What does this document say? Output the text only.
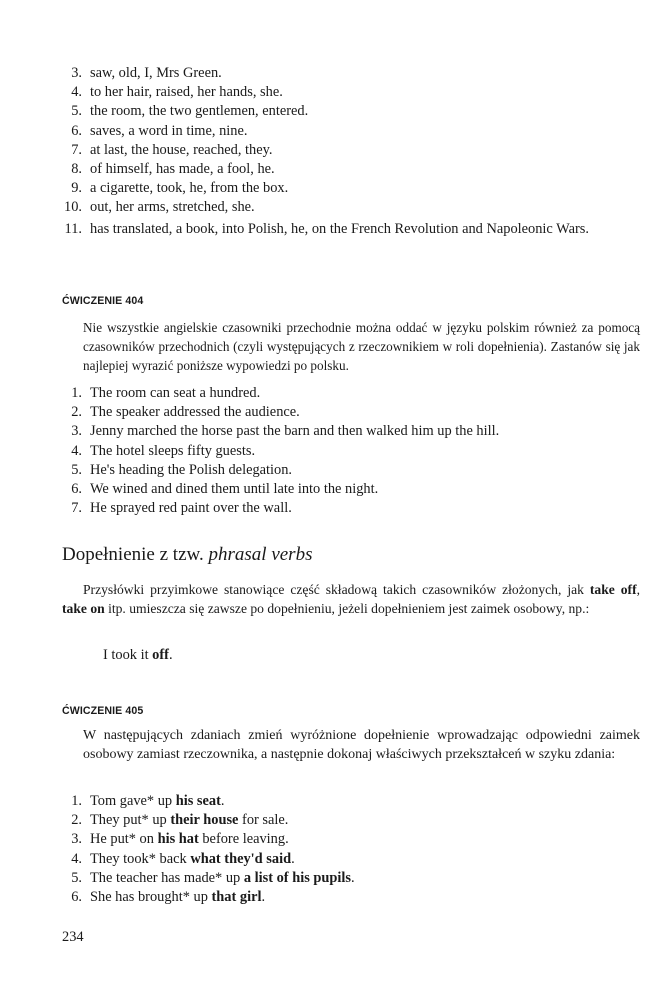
3. saw, old, I, Mrs Green.
4. to her hair, raised, her hands, she.
5. the room, the two gentlemen, entered.
6. saves, a word in time, nine.
7. at last, the house, reached, they.
8. of himself, has made, a fool, he.
9. a cigarette, took, he, from the box.
10. out, her arms, stretched, she.
11. has translated, a book, into Polish, he, on the French Revolution and Napoleonic Wars.
ĆWICZENIE 404
Nie wszystkie angielskie czasowniki przechodnie można oddać w języku polskim również za pomocą czasowników przechodnich (czyli występujących z rzeczownikiem w roli dopełnienia). Zastanów się jak najlepiej wyrazić poniższe wypowiedzi po polsku.
1. The room can seat a hundred.
2. The speaker addressed the audience.
3. Jenny marched the horse past the barn and then walked him up the hill.
4. The hotel sleeps fifty guests.
5. He's heading the Polish delegation.
6. We wined and dined them until late into the night.
7. He sprayed red paint over the wall.
Dopełnienie z tzw. phrasal verbs
Przysłówki przyimkowe stanowiące część składową takich czasowników złożonych, jak take off, take on itp. umieszcza się zawsze po dopełnieniu, jeżeli dopełnieniem jest zaimek osobowy, np.:
I took it off.
ĆWICZENIE 405
W następujących zdaniach zmień wyróżnione dopełnienie wprowadzając odpowiedni zaimek osobowy zamiast rzeczownika, a następnie dokonaj właściwych przekształceń w szyku zdania:
1. Tom gave* up his seat.
2. They put* up their house for sale.
3. He put* on his hat before leaving.
4. They took* back what they'd said.
5. The teacher has made* up a list of his pupils.
6. She has brought* up that girl.
234
